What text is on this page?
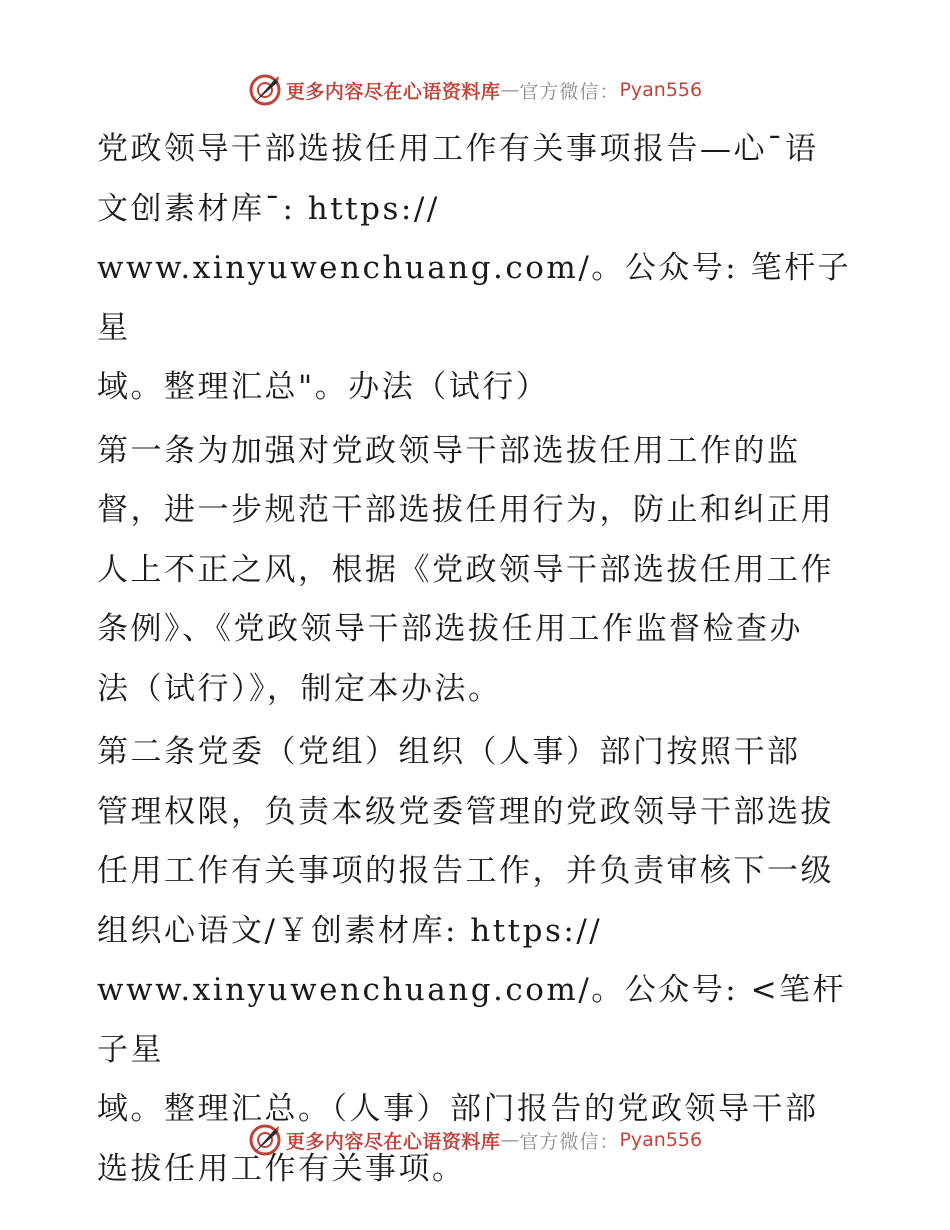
更多内容尽在心语资料库 — 官方微信： Pyan556

党政领导干部选拔任用工作有关事项报告—心¯语
文创素材库¯: https://
www.xinyuwenchuang.com/。公众号: 笔杆子星
域。整理汇总"。办法（试行）

第一条为加强对党政领导干部选拔任用工作的监
督，进一步规范干部选拔任用行为，防止和纠正用
人上不正之风，根据《党政领导干部选拔任用工作
条例》、《党政领导干部选拔任用工作监督检查办
法（试行）》，制定本办法。

第二条党委（党组）组织（人事）部门按照干部
管理权限，负责本级党委管理的党政领导干部选拔
任用工作有关事项的报告工作，并负责审核下一级
组织心语文/￥创素材库: https://
www.xinyuwenchuang.com/。公众号: <笔杆子星
域。整理汇总。（人事）部门报告的党政领导干部
选拔任用工作有关事项。

更多内容尽在心语资料库 — 官方微信： Pyan556
